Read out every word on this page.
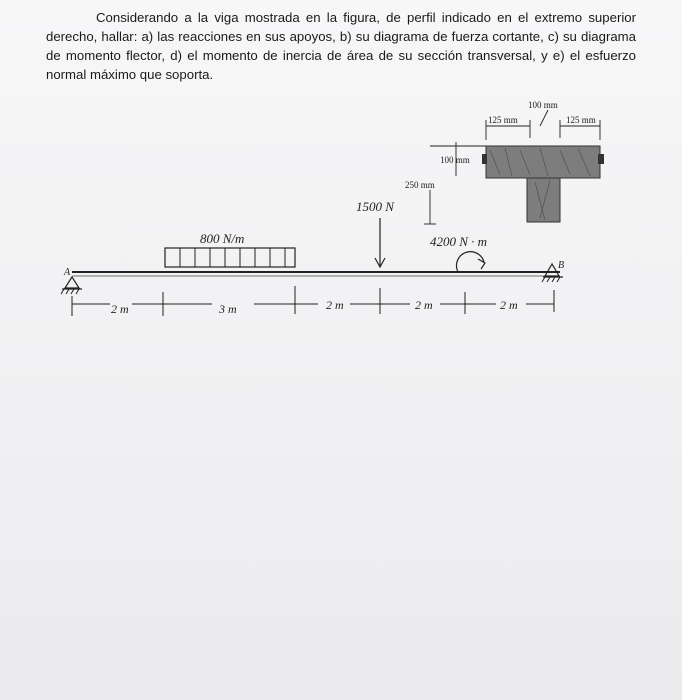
Considerando a la viga mostrada en la figura, de perfil indicado en el extremo superior derecho, hallar: a) las reacciones en sus apoyos, b) su diagrama de fuerza cortante, c) su diagrama de momento flector, d) el momento de inercia de área de su sección transversal, y e) el esfuerzo normal máximo que soporta.

A
B
800 N/m
1500 N
4200 N · m
2 m	3 m	2 m	2 m	2 m
100 mm
125 mm	125 mm
100 mm
250 mm
